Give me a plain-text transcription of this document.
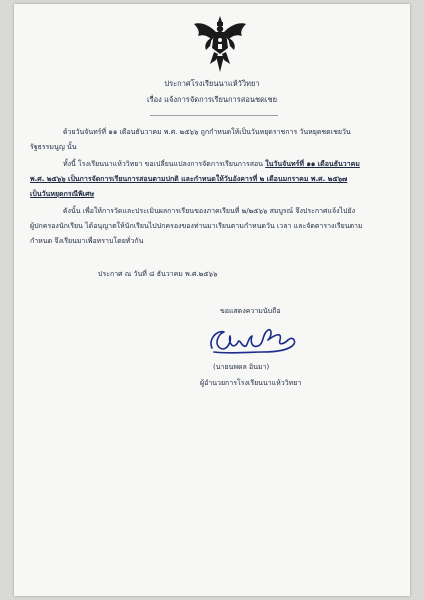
ประกาศโรงเรียนนาแห้วัวิทยา
เรื่อง แจ้งการจัดการเรียนการสอนชดเชย
ด้วยวันจันทร์ที่ ๑๑ เดือนธันวาคม พ.ศ. ๒๕๖๖ ถูกกำหนดให้เป็นวันหยุดราชการ วันหยุดชดเชยวัน
รัฐธรรมนูญ นั้น
ทั้งนี้ โรงเรียนนาแห้ววิทยา ขอเปลี่ยนแปลงการจัดการเรียนการสอน ในวันจันทร์ที่ ๑๑ เดือนธันวาคม
พ.ศ. ๒๕๖๖ เป็นการจัดการเรียนการสอนตามปกติ และกำหนดให้วันอังคารที่ ๒ เดือนมกราคม พ.ศ. ๒๕๖๗
เป็นวันหยุดกรณีพิเศษ
ดังนั้น เพื่อให้การวัดและประเมินผลการเรียนของภาคเรียนที่ ๒/๒๕๖๖ สมบูรณ์ จึงประกาศแจ้งไปยัง
ผู้ปกครองนักเรียน ได้อนุญาตให้นักเรียนไปปกครองของท่านมาเรียนตามกำหนดวัน เวลา และจัดตารางเรียนตาม
กำหนด จึงเรียนมาเพื่อทราบโดยทั่วกัน
ประกาศ ณ วันที่ ๘ ธันวาคม พ.ศ.๒๕๖๖
ขอแสดงความนับถือ
(นายนพดล อินมา)
ผู้อำนวยการโรงเรียนนาแห้ววิทยา
